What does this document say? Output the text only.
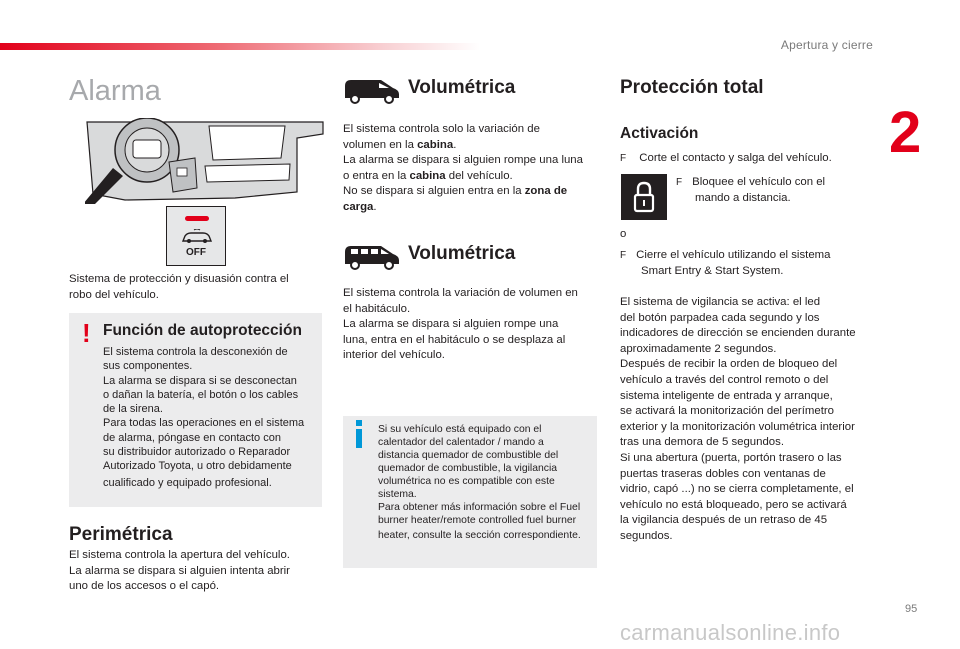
Apertura y cierre
2
95
carmanualsonline.info
Alarma
OFF
Sistema de protección y disuasión contra el robo del vehículo.
! Función de autoprotección
El sistema controla la desconexión de
sus componentes.
La alarma se dispara si se desconectan
o dañan la batería, el botón o los cables
de la sirena.
Para todas las operaciones en el sistema
de alarma, póngase en contacto con
su distribuidor autorizado o Reparador
Autorizado Toyota, u otro debidamente
cualificado y equipado profesional.
Perimétrica
El sistema controla la apertura del vehículo.
La alarma se dispara si alguien intenta abrir
uno de los accesos o el capó.
Volumétrica
El sistema controla solo la variación de
volumen en la cabina.
La alarma se dispara si alguien rompe una luna
o entra en la cabina del vehículo.
No se dispara si alguien entra en la zona de
carga.
Volumétrica
El sistema controla la variación de volumen en
el habitáculo.
La alarma se dispara si alguien rompe una
luna, entra en el habitáculo o se desplaza al
interior del vehículo.
Si su vehículo está equipado con el
calentador del calentador / mando a
distancia quemador de combustible del
quemador de combustible, la vigilancia
volumétrica no es compatible con este
sistema.
Para obtener más información sobre el Fuel
burner heater/remote controlled fuel burner
heater, consulte la sección correspondiente.
Protección total
Activación
F Corte el contacto y salga del vehículo.
F Bloquee el vehículo con el
mando a distancia.
o
F Cierre el vehículo utilizando el sistema
Smart Entry & Start System.
El sistema de vigilancia se activa: el led
del botón parpadea cada segundo y los
indicadores de dirección se encienden durante
aproximadamente 2 segundos.
Después de recibir la orden de bloqueo del
vehículo a través del control remoto o del
sistema inteligente de entrada y arranque,
se activará la monitorización del perímetro
exterior y la monitorización volumétrica interior
tras una demora de 5 segundos.
Si una abertura (puerta, portón trasero o las
puertas traseras dobles con ventanas de
vidrio, capó ...) no se cierra completamente, el
vehículo no está bloqueado, pero se activará
la vigilancia después de un retraso de 45
segundos.
